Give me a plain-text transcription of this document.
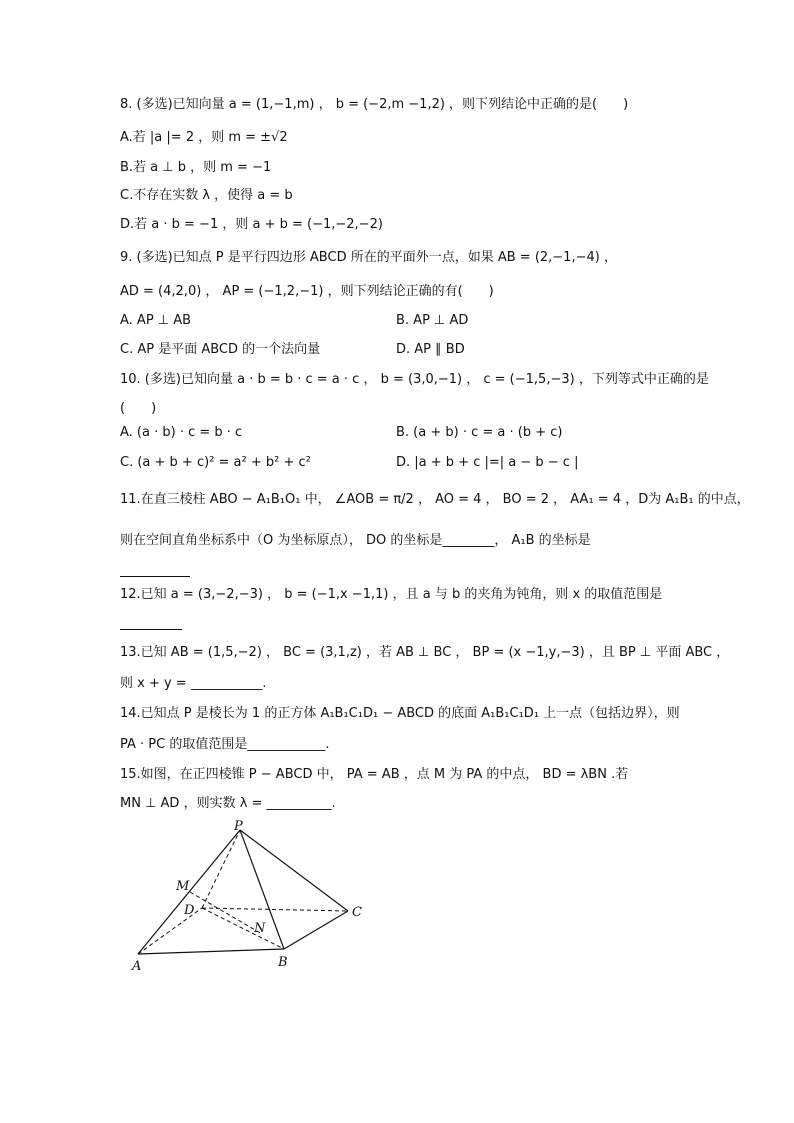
8. (多选)已知向量 a = (1,−1,m) ， b = (−2,m −1,2) ，则下列结论中正确的是(　　)
A.若 |a |= 2 ，则 m = ±√2
B.若 a ⊥ b ，则 m = −1
C.不存在实数 λ ，使得 a = b
D.若 a · b = −1 ，则 a + b = (−1,−2,−2)
9. (多选)已知点 P 是平行四边形 ABCD 所在的平面外一点，如果 AB = (2,−1,−4) ，
AD = (4,2,0) ， AP = (−1,2,−1) ，则下列结论正确的有(　　)
A. AP ⊥ AB	B. AP ⊥ AD
C. AP 是平面 ABCD 的一个法向量	D. AP ∥ BD
10. (多选)已知向量 a · b = b · c = a · c ， b = (3,0,−1) ， c = (−1,5,−3) ，下列等式中正确的是
(　　)
A. (a · b) · c = b · c	B. (a + b) · c = a · (b + c)
C. (a + b + c)² = a² + b² + c²	D. |a + b + c |=| a − b − c |
11.在直三棱柱 ABO − A₁B₁O₁ 中， ∠AOB = π/2 ， AO = 4 ， BO = 2 ， AA₁ = 4 ，D为 A₁B₁ 的中点，
则在空间直角坐标系中（O 为坐标原点）， DO 的坐标是________， A₁B 的坐标是
12.已知 a = (3,−2,−3) ， b = (−1,x −1,1) ，且 a 与 b 的夹角为钝角，则 x 的取值范围是
13.已知 AB = (1,5,−2) ， BC = (3,1,z) ，若 AB ⊥ BC ， BP = (x −1,y,−3) ，且 BP ⊥ 平面 ABC ，
则 x + y = ___________.
14.已知点 P 是棱长为 1 的正方体 A₁B₁C₁D₁ − ABCD 的底面 A₁B₁C₁D₁ 上一点（包括边界），则
PA · PC 的取值范围是____________.
15.如图，在正四棱锥 P − ABCD 中， PA = AB ，点 M 为 PA 的中点， BD = λBN .若
MN ⊥ AD ，则实数 λ = __________.
P
M
D
N
C
A	B
